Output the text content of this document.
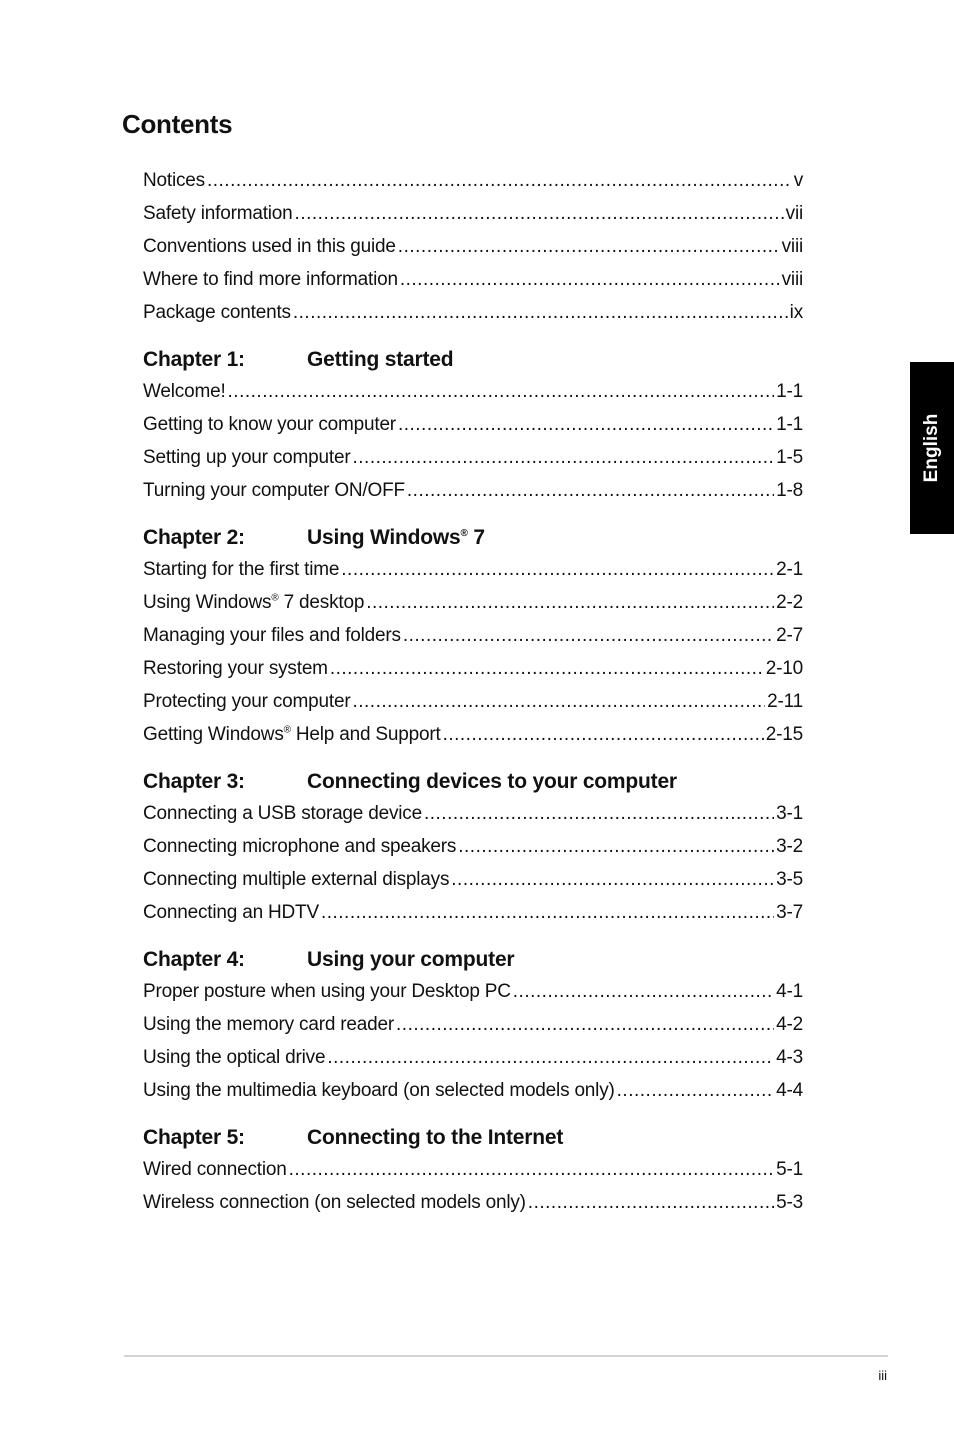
Contents
Notices .....	v
Safety information .....	vii
Conventions used in this guide .....	viii
Where to find more information .....	viii
Package contents .....	ix
Chapter 1:	Getting started
Welcome! .....	1-1
Getting to know your computer .....	1-1
Setting up your computer .....	1-5
Turning your computer ON/OFF .....	1-8
Chapter 2:	Using Windows® 7
Starting for the first time .....	2-1
Using Windows® 7 desktop .....	2-2
Managing your files and folders .....	2-7
Restoring your system .....	2-10
Protecting your computer .....	2-11
Getting Windows® Help and Support .....	2-15
Chapter 3:	Connecting devices to your computer
Connecting a USB storage device .....	3-1
Connecting microphone and speakers .....	3-2
Connecting multiple external displays .....	3-5
Connecting an HDTV .....	3-7
Chapter 4:	Using your computer
Proper posture when using your Desktop PC .....	4-1
Using the memory card reader .....	4-2
Using the optical drive .....	4-3
Using the multimedia keyboard (on selected models only) .....	4-4
Chapter 5:	Connecting to the Internet
Wired connection .....	5-1
Wireless connection (on selected models only) .....	5-3
English
iii
